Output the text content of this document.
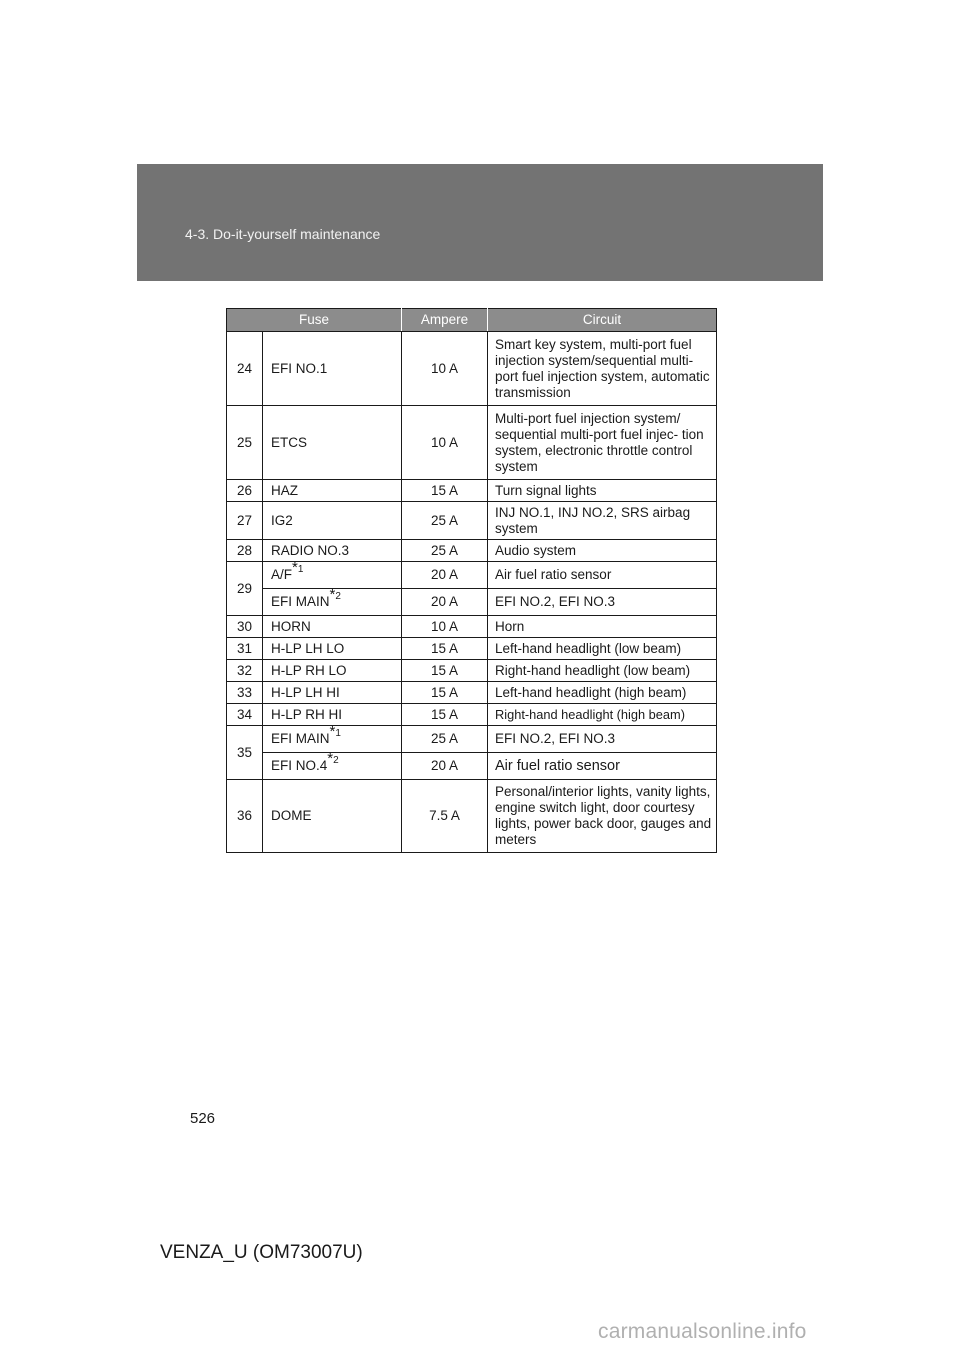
4-3. Do-it-yourself maintenance
Fuse		Ampere	Circuit
24	EFI NO.1	10 A	Smart key system, multi-port fuel injection system/sequential multi-port fuel injection system, automatic transmission
25	ETCS	10 A	Multi-port fuel injection system/ sequential multi-port fuel injec- tion system, electronic throttle control system
26	HAZ	15 A	Turn signal lights
27	IG2	25 A	INJ NO.1, INJ NO.2, SRS airbag system
28	RADIO NO.3	25 A	Audio system
29	$A/F^{*1}$	20 A	Air fuel ratio sensor
	EFI MAIN$^{*2}$	20 A	EFI NO.2, EFI NO.3
30	HORN	10 A	Horn
31	H-LP LH LO	15 A	Left-hand headlight (low beam)
32	H-LP RH LO	15 A	Right-hand headlight (low beam)
33	H-LP LH HI	15 A	Left-hand headlight (high beam)
34	H-LP RH HI	15 A	Right-hand headlight (high beam)
35	EFI MAIN$^{*1}$	25 A	EFI NO.2, EFI NO.3
	EFI NO.4$^{*2}$	20 A	Air fuel ratio sensor
36	DOME	7.5 A	Personal/interior lights, vanity lights, engine switch light, door courtesy lights, power back door, gauges and meters
526
VENZA_U (OM73007U)
carmanualsonline.info
